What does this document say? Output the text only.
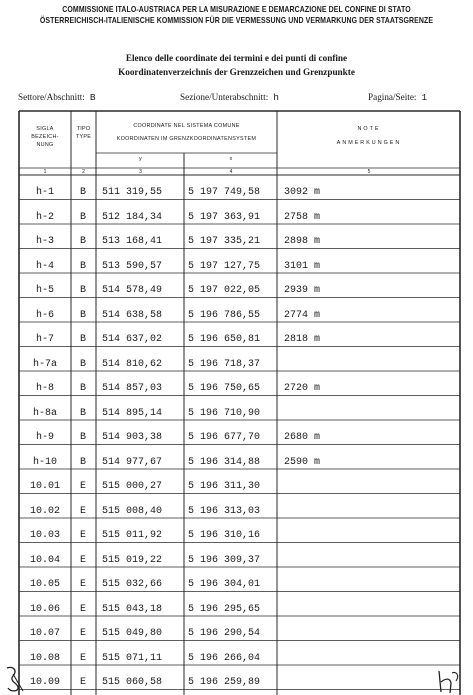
COMMISSIONE ITALO-AUSTRIACA PER LA MISURAZIONE E DEMARCAZIONE DEL CONFINE DI STATO
ÖSTERREICHISCH-ITALIENISCHE KOMMISSION FÜR DIE VERMESSUNG UND VERMARKUNG DER STAATSGRENZE
Elenco delle coordinate dei termini e dei punti di confine
Koordinatenverzeichnis der Grenzzeichen und Grenzpunkte
Settore/Abschnitt: B	Sezione/Unterabschnitt: h	Pagina/Seite: 1
SIGLA
BEZEICH-
NUNG
TIPO
TYPE
COORDINATE NEL SISTEMA COMUNE
KOORDINATEN IM GRENZKOORDINATENSYSTEM
y	x
NOTE
ANMERKUNGEN
1	2	3	4	5
h-1	B	511 319,55	5 197 749,58	3092 m
h-2	B	512 184,34	5 197 363,91	2758 m
h-3	B	513 168,41	5 197 335,21	2898 m
h-4	B	513 590,57	5 197 127,75	3101 m
h-5	B	514 578,49	5 197 022,05	2939 m
h-6	B	514 638,58	5 196 786,55	2774 m
h-7	B	514 637,02	5 196 650,81	2818 m
h-7a	B	514 810,62	5 196 718,37
h-8	B	514 857,03	5 196 750,65	2720 m
h-8a	B	514 895,14	5 196 710,90
h-9	B	514 903,38	5 196 677,70	2680 m
h-10	B	514 977,67	5 196 314,88	2590 m
10.01	E	515 000,27	5 196 311,30
10.02	E	515 008,40	5 196 313,03
10.03	E	515 011,92	5 196 310,16
10.04	E	515 019,22	5 196 309,37
10.05	E	515 032,66	5 196 304,01
10.06	E	515 043,18	5 196 295,65
10.07	E	515 049,80	5 196 290,54
10.08	E	515 071,11	5 196 266,04
10.09	E	515 060,58	5 196 259,89
